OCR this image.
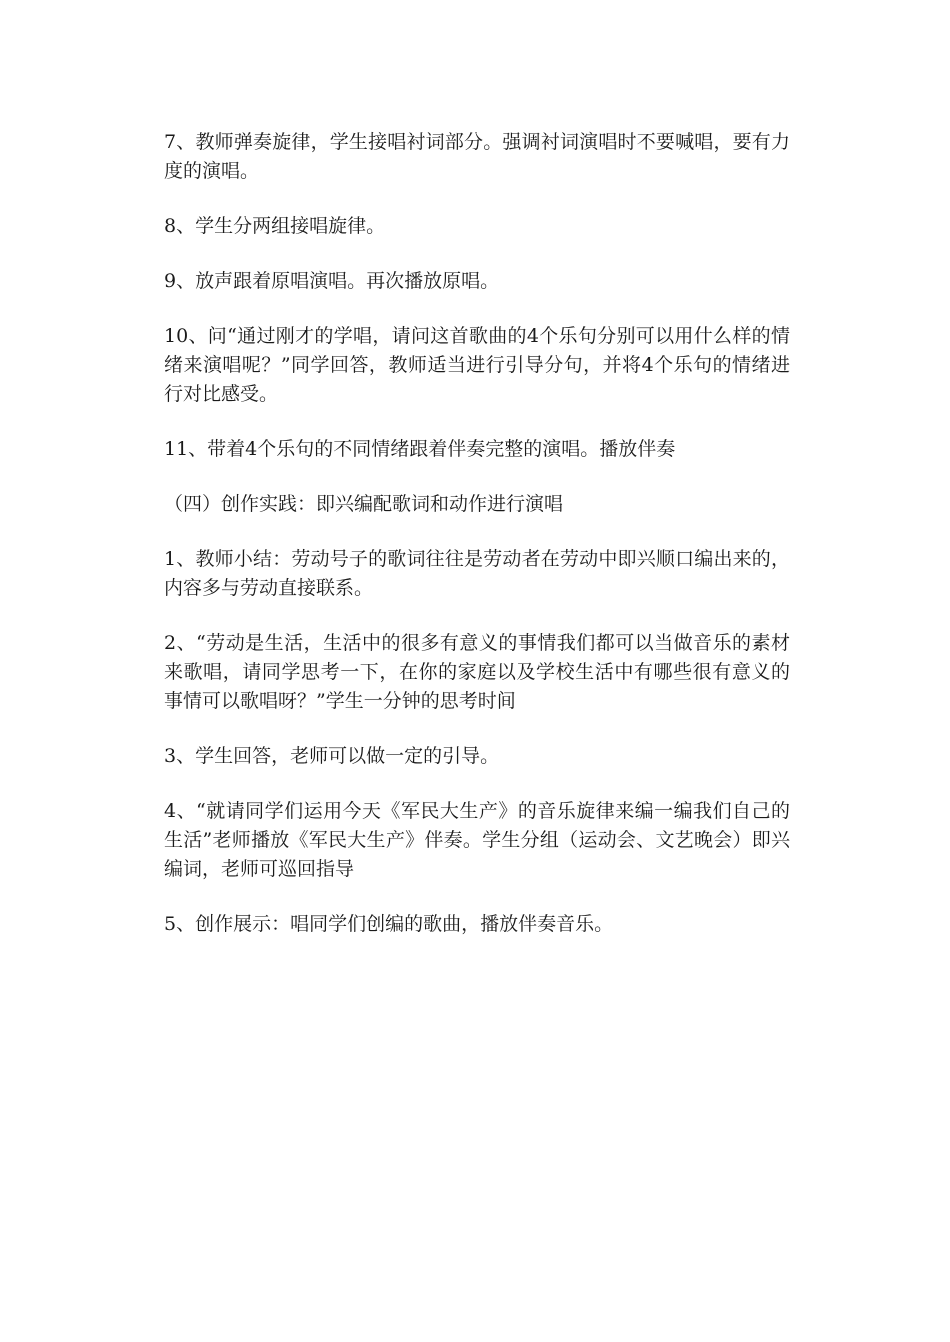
7、教师弹奏旋律，学生接唱衬词部分。强调衬词演唱时不要喊唱，要有力度的演唱。

8、学生分两组接唱旋律。

9、放声跟着原唱演唱。再次播放原唱。

10、问“通过刚才的学唱，请问这首歌曲的4个乐句分别可以用什么样的情绪来演唱呢？”同学回答，教师适当进行引导分句，并将4个乐句的情绪进行对比感受。

11、带着4个乐句的不同情绪跟着伴奏完整的演唱。播放伴奏

（四）创作实践：即兴编配歌词和动作进行演唱

1、教师小结：劳动号子的歌词往往是劳动者在劳动中即兴顺口编出来的，内容多与劳动直接联系。

2、“劳动是生活，生活中的很多有意义的事情我们都可以当做音乐的素材来歌唱，请同学思考一下，在你的家庭以及学校生活中有哪些很有意义的事情可以歌唱呀？”学生一分钟的思考时间

3、学生回答，老师可以做一定的引导。

4、“就请同学们运用今天《军民大生产》的音乐旋律来编一编我们自己的生活”老师播放《军民大生产》伴奏。学生分组（运动会、文艺晚会）即兴编词，老师可巡回指导

5、创作展示：唱同学们创编的歌曲，播放伴奏音乐。
